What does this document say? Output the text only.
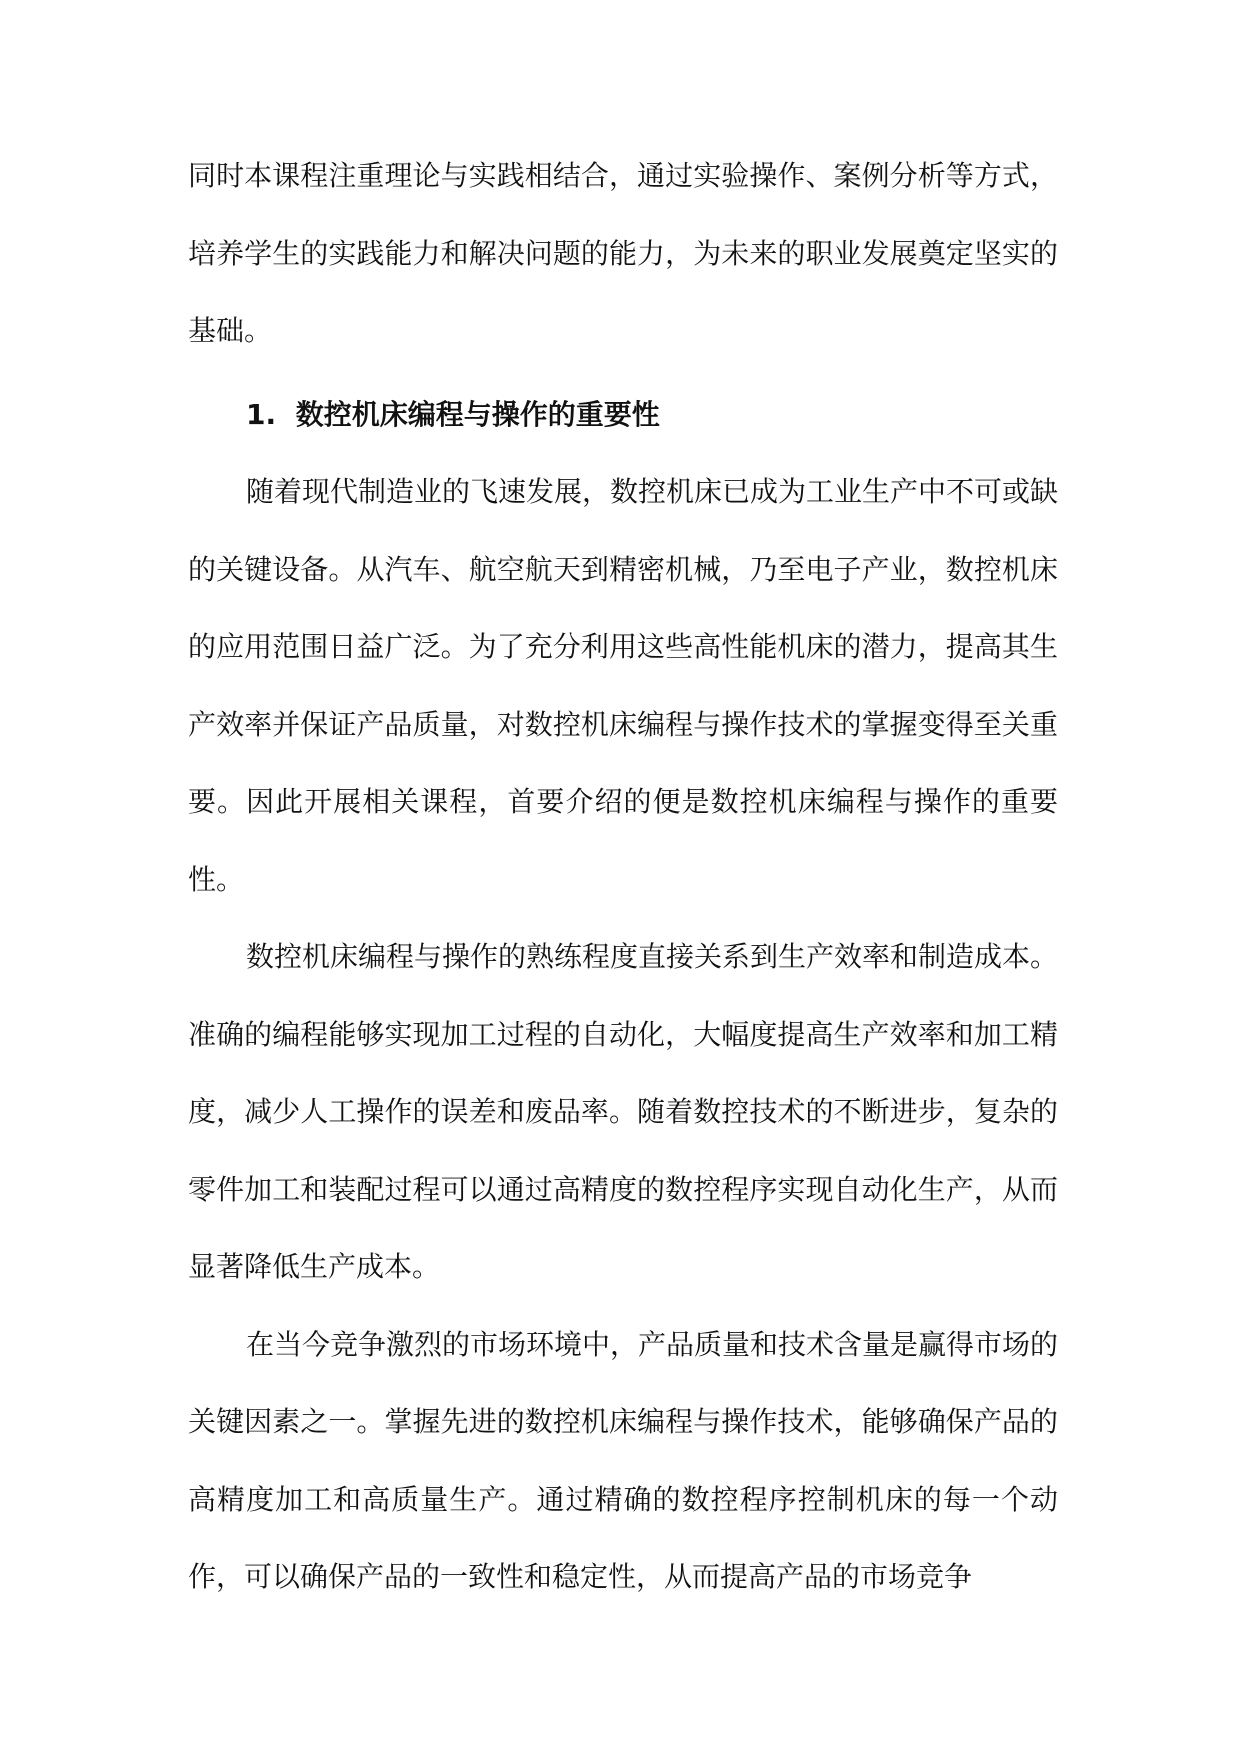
同时本课程注重理论与实践相结合，通过实验操作、案例分析等方式，培养学生的实践能力和解决问题的能力，为未来的职业发展奠定坚实的基础。

1. 数控机床编程与操作的重要性

随着现代制造业的飞速发展，数控机床已成为工业生产中不可或缺的关键设备。从汽车、航空航天到精密机械，乃至电子产业，数控机床的应用范围日益广泛。为了充分利用这些高性能机床的潜力，提高其生产效率并保证产品质量，对数控机床编程与操作技术的掌握变得至关重要。因此开展相关课程，首要介绍的便是数控机床编程与操作的重要性。

数控机床编程与操作的熟练程度直接关系到生产效率和制造成本。准确的编程能够实现加工过程的自动化，大幅度提高生产效率和加工精度，减少人工操作的误差和废品率。随着数控技术的不断进步，复杂的零件加工和装配过程可以通过高精度的数控程序实现自动化生产，从而显著降低生产成本。

在当今竞争激烈的市场环境中，产品质量和技术含量是赢得市场的关键因素之一。掌握先进的数控机床编程与操作技术，能够确保产品的高精度加工和高质量生产。通过精确的数控程序控制机床的每一个动作，可以确保产品的一致性和稳定性，从而提高产品的市场竞争
